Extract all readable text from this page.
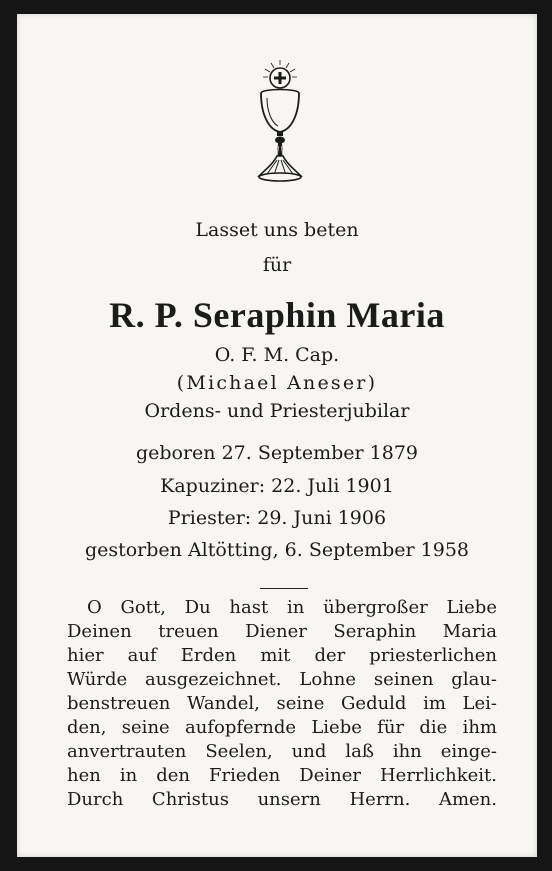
Lasset uns beten
für
R. P. Seraphin Maria
O. F. M. Cap.
(Michael Aneser)
Ordens- und Priesterjubilar
geboren 27. September 1879
Kapuziner: 22. Juli 1901
Priester: 29. Juni 1906
gestorben Altötting, 6. September 1958
O Gott, Du hast in übergroßer Liebe
Deinen treuen Diener Seraphin Maria
hier auf Erden mit der priesterlichen
Würde ausgezeichnet. Lohne seinen glau-
benstreuen Wandel, seine Geduld im Lei-
den, seine aufopfernde Liebe für die ihm
anvertrauten Seelen, und laß ihn einge-
hen in den Frieden Deiner Herrlichkeit.
Durch Christus unsern Herrn. Amen.
